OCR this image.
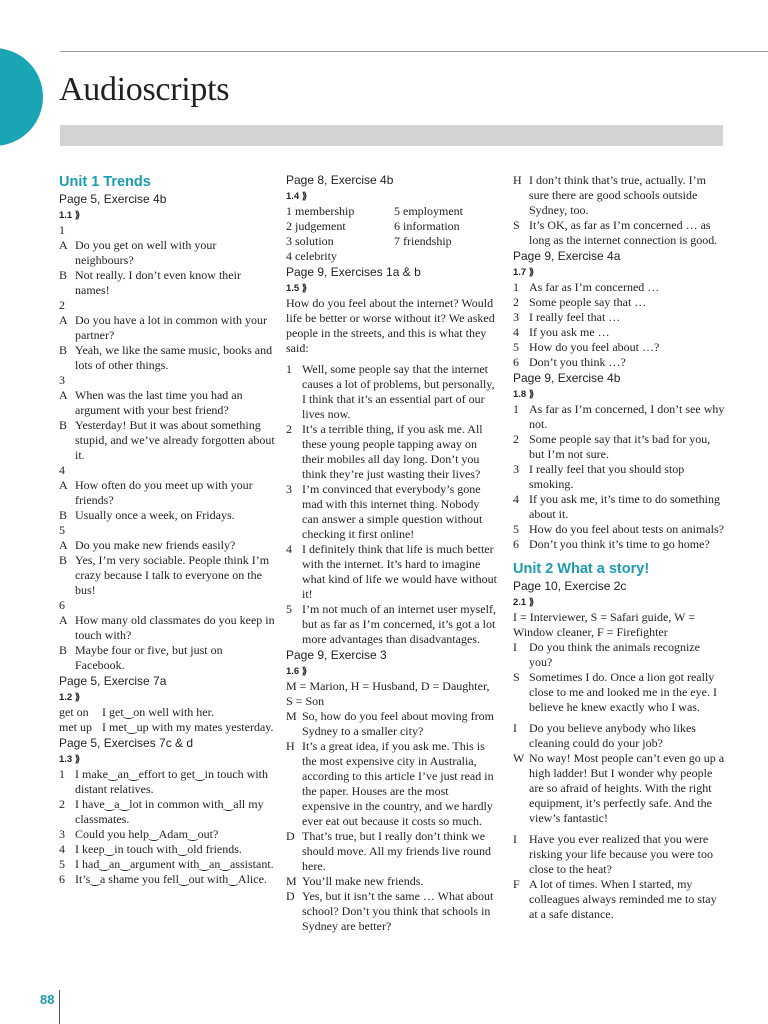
Audioscripts
Unit 1 Trends
Page 5, Exercise 4b
1.1 ⟫
1
A Do you get on well with your neighbours?
B Not really. I don’t even know their names!
2
A Do you have a lot in common with your partner?
B Yeah, we like the same music, books and lots of other things.
3
A When was the last time you had an argument with your best friend?
B Yesterday! But it was about something stupid, and we’ve already forgotten about it.
4
A How often do you meet up with your friends?
B Usually once a week, on Fridays.
5
A Do you make new friends easily?
B Yes, I’m very sociable. People think I’m crazy because I talk to everyone on the bus!
6
A How many old classmates do you keep in touch with?
B Maybe four or five, but just on Facebook.
Page 5, Exercise 7a
1.2 ⟫
get on	I get‿on well with her.
met up I met‿up with my mates yesterday.
Page 5, Exercises 7c & d
1.3 ⟫
1 I make‿an‿effort to get‿in touch with distant relatives.
2 I have‿a‿lot in common with‿all my classmates.
3 Could you help‿Adam‿out?
4 I keep‿in touch with‿old friends.
5 I had‿an‿argument with‿an‿assistant.
6 It’s‿a shame you fell‿out with‿Alice.
Page 8, Exercise 4b
1.4 ⟫
1 membership	5 employment
2 judgement	6 information
3 solution	7 friendship
4 celebrity
Page 9, Exercises 1a & b
1.5 ⟫
How do you feel about the internet? Would life be better or worse without it? We asked people in the streets, and this is what they said:
1 Well, some people say that the internet causes a lot of problems, but personally, I think that it’s an essential part of our lives now.
2 It’s a terrible thing, if you ask me. All these young people tapping away on their mobiles all day long. Don’t you think they’re just wasting their lives?
3 I’m convinced that everybody’s gone mad with this internet thing. Nobody can answer a simple question without checking it first online!
4 I definitely think that life is much better with the internet. It’s hard to imagine what kind of life we would have without it!
5 I’m not much of an internet user myself, but as far as I’m concerned, it’s got a lot more advantages than disadvantages.
Page 9, Exercise 3
1.6 ⟫
M = Marion, H = Husband, D = Daughter, S = Son
M So, how do you feel about moving from Sydney to a smaller city?
H It’s a great idea, if you ask me. This is the most expensive city in Australia, according to this article I’ve just read in the paper. Houses are the most expensive in the country, and we hardly ever eat out because it costs so much.
D That’s true, but I really don’t think we should move. All my friends live round here.
M You’ll make new friends.
D Yes, but it isn’t the same … What about school? Don’t you think that schools in Sydney are better?
H I don’t think that’s true, actually. I’m sure there are good schools outside Sydney, too.
S It’s OK, as far as I’m concerned … as long as the internet connection is good.
Page 9, Exercise 4a
1.7 ⟫
1 As far as I’m concerned …
2 Some people say that …
3 I really feel that …
4 If you ask me …
5 How do you feel about …?
6 Don’t you think …?
Page 9, Exercise 4b
1.8 ⟫
1 As far as I’m concerned, I don’t see why not.
2 Some people say that it’s bad for you, but I’m not sure.
3 I really feel that you should stop smoking.
4 If you ask me, it’s time to do something about it.
5 How do you feel about tests on animals?
6 Don’t you think it’s time to go home?
Unit 2 What a story!
Page 10, Exercise 2c
2.1 ⟫
I = Interviewer, S = Safari guide, W = Window cleaner, F = Firefighter
I Do you think the animals recognize you?
S Sometimes I do. Once a lion got really close to me and looked me in the eye. I believe he knew exactly who I was.
I Do you believe anybody who likes cleaning could do your job?
W No way! Most people can’t even go up a high ladder! But I wonder why people are so afraid of heights. With the right equipment, it’s perfectly safe. And the view’s fantastic!
I Have you ever realized that you were risking your life because you were too close to the heat?
F A lot of times. When I started, my colleagues always reminded me to stay at a safe distance.
88
